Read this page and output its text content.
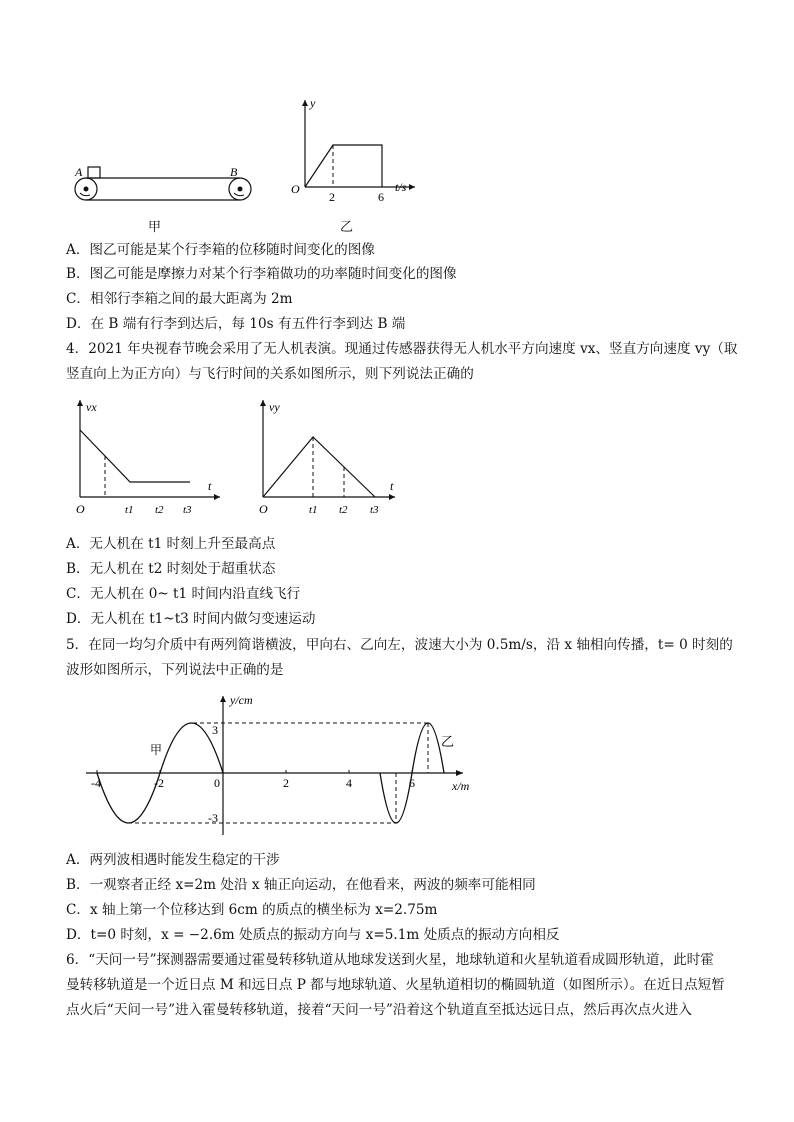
A	B
甲
y
t/s
O
2	6
乙
A．图乙可能是某个行李箱的位移随时间变化的图像
B．图乙可能是摩擦力对某个行李箱做功的功率随时间变化的图像
C．相邻行李箱之间的最大距离为 2m
D．在 B 端有行李到达后，每 10s 有五件行李到达 B 端
4．2021 年央视春节晚会采用了无人机表演。现通过传感器获得无人机水平方向速度 vx、竖直方向速度 vy（取
竖直向上为正方向）与飞行时间的关系如图所示，则下列说法正确的
vx
t
O	t1 t2 t3
vy
t
O	t1 t2 t3
A．无人机在 t1 时刻上升至最高点
B．无人机在 t2 时刻处于超重状态
C．无人机在 0~ t1 时间内沿直线飞行
D．无人机在 t1~t3 时间内做匀变速运动
5．在同一均匀介质中有两列简谐横波，甲向右、乙向左，波速大小为 0.5m/s，沿 x 轴相向传播，t= 0 时刻的
波形如图所示，下列说法中正确的是
y/cm
x/m
甲
乙
-4	-2	0	2	4	6
3
-3
A．两列波相遇时能发生稳定的干涉
B．一观察者正经 x=2m 处沿 x 轴正向运动，在他看来，两波的频率可能相同
C．x 轴上第一个位移达到 6cm 的质点的横坐标为 x=2.75m
D．t=0 时刻，x = −2.6m 处质点的振动方向与 x=5.1m 处质点的振动方向相反
6．“天问一号”探测器需要通过霍曼转移轨道从地球发送到火星，地球轨道和火星轨道看成圆形轨道，此时霍
曼转移轨道是一个近日点 M 和远日点 P 都与地球轨道、火星轨道相切的椭圆轨道（如图所示）。在近日点短暂
点火后“天问一号”进入霍曼转移轨道，接着“天问一号”沿着这个轨道直至抵达远日点，然后再次点火进入
